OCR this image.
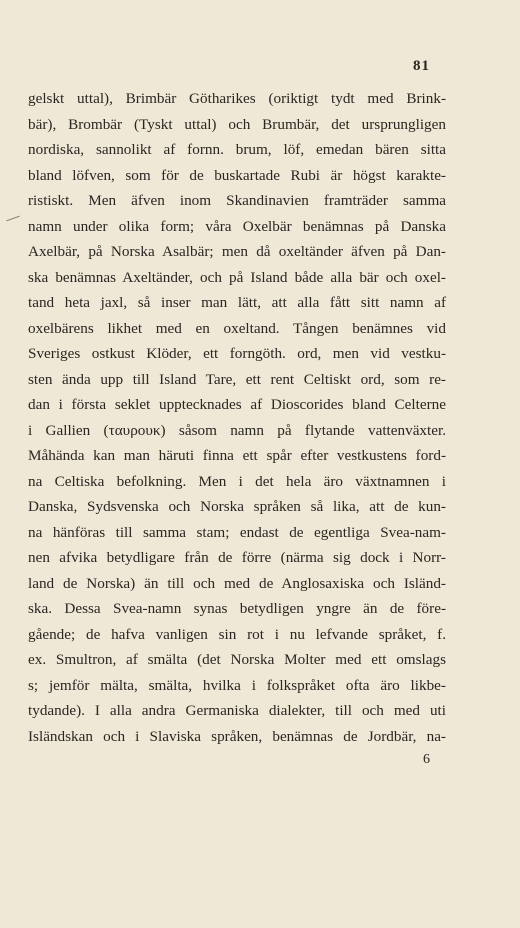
81
gelskt uttal), Brimbär Götharikes (oriktigt tydt med Brink-
bär), Brombär (Tyskt uttal) och Brumbär, det ursprungligen
nordiska, sannolikt af fornn. brum, löf, emedan bären sitta
bland löfven, som för de buskartade Rubi är högst karakte-
ristiskt. Men äfven inom Skandinavien framträder samma
namn under olika form; våra Oxelbär benämnas på Danska
Axelbär, på Norska Asalbär; men då oxeltänder äfven på Dan-
ska benämnas Axeltänder, och på Island både alla bär och oxel-
tand heta jaxl, så inser man lätt, att alla fått sitt namn af
oxelbärens likhet med en oxeltand. Tången benämnes vid
Sveriges ostkust Klöder, ett forngöth. ord, men vid vestku-
sten ända upp till Island Tare, ett rent Celtiskt ord, som re-
dan i första seklet upptecknades af Dioscorides bland Celterne
i Gallien (ταυρουκ) såsom namn på flytande vattenväxter.
Måhända kan man häruti finna ett spår efter vestkustens ford-
na Celtiska befolkning. Men i det hela äro växtnamnen i
Danska, Sydsvenska och Norska språken så lika, att de kun-
na hänföras till samma stam; endast de egentliga Svea-nam-
nen afvika betydligare från de förre (närma sig dock i Norr-
land de Norska) än till och med de Anglosaxiska och Isländ-
ska. Dessa Svea-namn synas betydligen yngre än de före-
gående; de hafva vanligen sin rot i nu lefvande språket, f.
ex. Smultron, af smälta (det Norska Molter med ett omslags
s; jemför mälta, smälta, hvilka i folkspråket ofta äro likbe-
tydande). I alla andra Germaniska dialekter, till och med uti
Isländskan och i Slaviska språken, benämnas de Jordbär, na-
6
